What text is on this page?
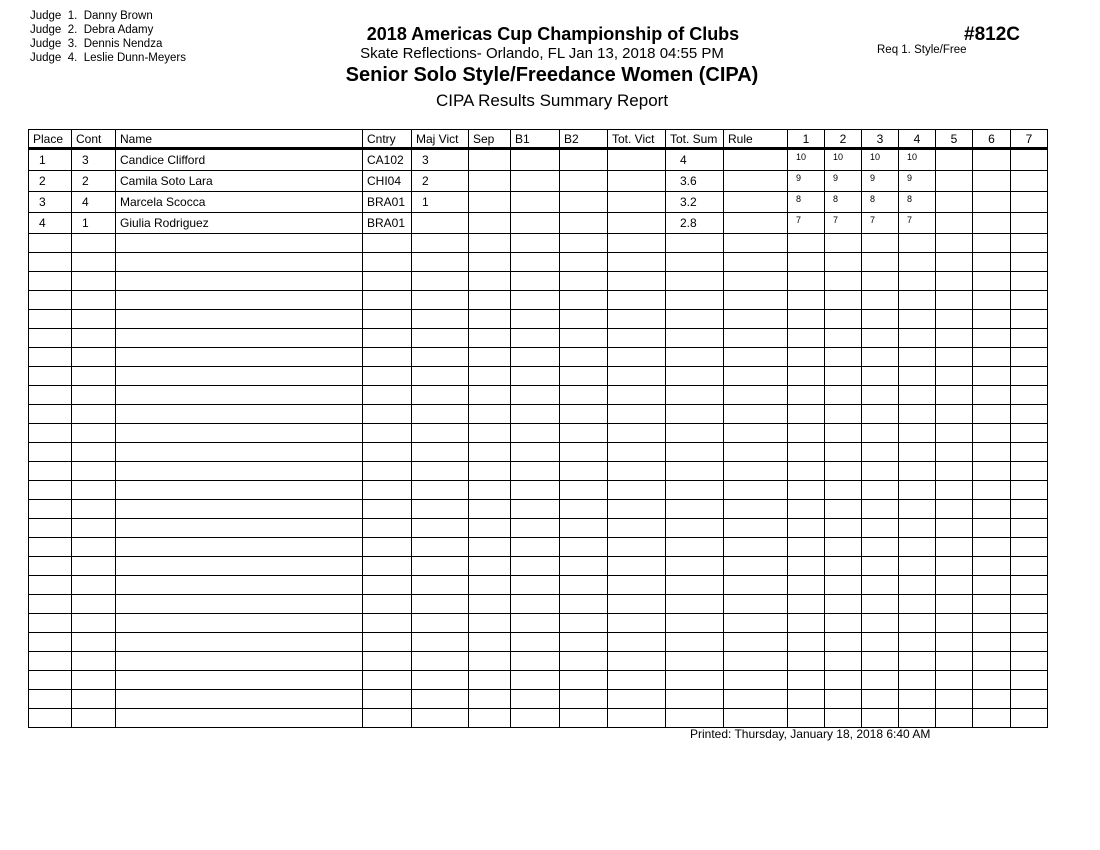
Judge  1.  Danny Brown
Judge  2.  Debra Adamy
Judge  3.  Dennis Nendza
Judge  4.  Leslie Dunn-Meyers
2018 Americas Cup Championship of Clubs
Skate Reflections- Orlando, FL Jan 13, 2018 04:55 PM
Senior Solo Style/Freedance Women (CIPA)
CIPA Results Summary Report
#812C
Req 1. Style/Free
Place	Cont	Name	Cntry	Maj Vict	Sep	B1	B2	Tot. Vict	Tot. Sum	Rule	1	2	3	4	5	6	7
1	3	Candice Clifford	CA102	3					4		10	10	10	10			
2	2	Camila Soto Lara	CHI04	2					3.6		9	9	9	9			
3	4	Marcela Scocca	BRA01	1					3.2		8	8	8	8			
4	1	Giulia Rodriguez	BRA01						2.8		7	7	7	7			

Printed: Thursday, January 18, 2018 6:40 AM
